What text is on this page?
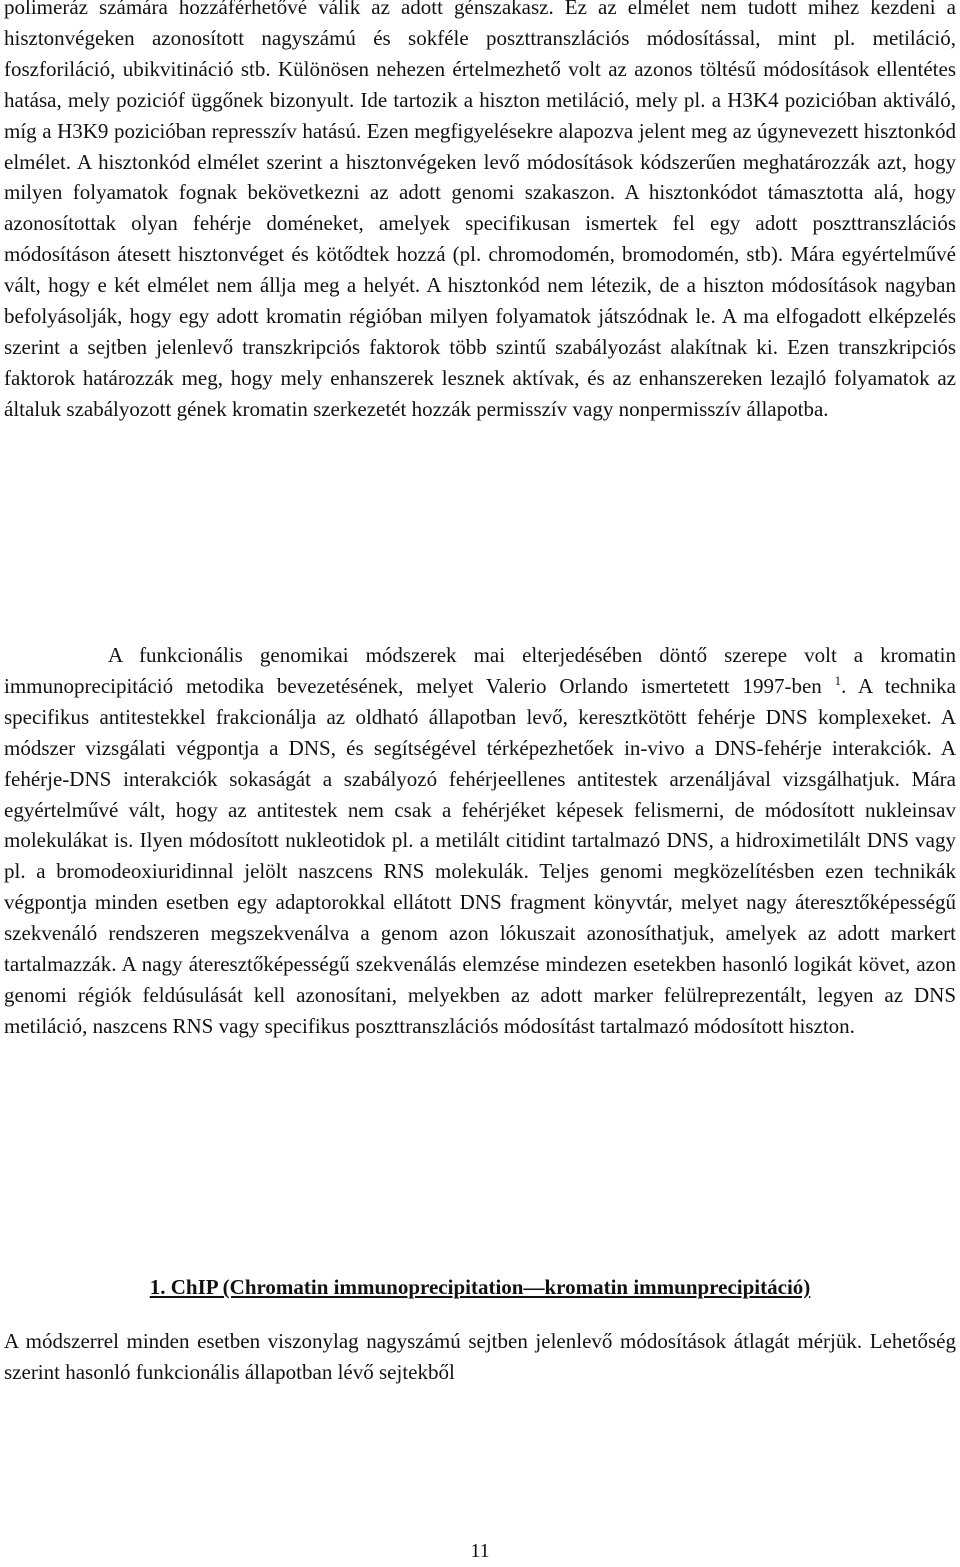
polimeráz számára hozzáférhetővé válik az adott génszakasz. Ez az elmélet nem tudott mihez kezdeni a hisztonvégeken azonosított nagyszámú és sokféle poszttranszlációs módosítással, mint pl. metiláció, foszforiláció, ubikvitináció stb. Különösen nehezen értelmezhető volt az azonos töltésű módosítások ellentétes hatása, mely pozicióf üggőnek bizonyult. Ide tartozik a hiszton metiláció, mely pl. a H3K4 pozicióban aktiváló, míg a H3K9 pozicióban represszív hatású. Ezen megfigyelésekre alapozva jelent meg az úgynevezett hisztonkód elmélet. A hisztonkód elmélet szerint a hisztonvégeken levő módosítások kódszerűen meghatározzák azt, hogy milyen folyamatok fognak bekövetkezni az adott genomi szakaszon. A hisztonkódot támasztotta alá, hogy azonosítottak olyan fehérje doméneket, amelyek specifikusan ismertek fel egy adott poszttranszlációs módosításon átesett hisztonvéget és kötődtek hozzá (pl. chromodomén, bromodomén, stb). Mára egyértelművé vált, hogy e két elmélet nem állja meg a helyét. A hisztonkód nem létezik, de a hiszton módosítások nagyban befolyásolják, hogy egy adott kromatin régióban milyen folyamatok játszódnak le. A ma elfogadott elképzelés szerint a sejtben jelenlevő transzkripciós faktorok több szintű szabályozást alakítnak ki. Ezen transzkripciós faktorok határozzák meg, hogy mely enhanszerek lesznek aktívak, és az enhanszereken lezajló folyamatok az általuk szabályozott gének kromatin szerkezetét hozzák permisszív vagy nonpermisszív állapotba.

A funkcionális genomikai módszerek mai elterjedésében döntő szerepe volt a kromatin immunoprecipitáció metodika bevezetésének, melyet Valerio Orlando ismertetett 1997-ben $^1$. A technika specifikus antitestekkel frakcionálja az oldható állapotban levő, keresztkötött fehérje DNS komplexeket. A módszer vizsgálati végpontja a DNS, és segítségével térképezhetőek in-vivo a DNS-fehérje interakciók. A fehérje-DNS interakciók sokaságát a szabályozó fehérjeellenes antitestek arzenáljával vizsgálhatjuk. Mára egyértelművé vált, hogy az antitestek nem csak a fehérjéket képesek felismerni, de módosított nukleinsav molekulákat is. Ilyen módosított nukleotidok pl. a metilált citidint tartalmazó DNS, a hidroximetilált DNS vagy pl. a bromodeoxiuridinnal jelölt naszcens RNS molekulák. Teljes genomi megközelítésben ezen technikák végpontja minden esetben egy adaptorokkal ellátott DNS fragment könyvtár, melyet nagy áteresztőképességű szekvenáló rendszeren megszekvenálva a genom azon lókuszait azonosíthatjuk, amelyek az adott markert tartalmazzák. A nagy áteresztőképességű szekvenálás elemzése mindezen esetekben hasonló logikát követ, azon genomi régiók feldúsulását kell azonosítani, melyekben az adott marker felülreprezentált, legyen az DNS metiláció, naszcens RNS vagy specifikus poszttranszlációs módosítást tartalmazó módosított hiszton.

1. ChIP (Chromatin immunoprecipitation—kromatin immunprecipitáció)

A módszerrel minden esetben viszonylag nagyszámú sejtben jelenlevő módosítások átlagát mérjük. Lehetőség szerint hasonló funkcionális állapotban lévő sejtekből

11
